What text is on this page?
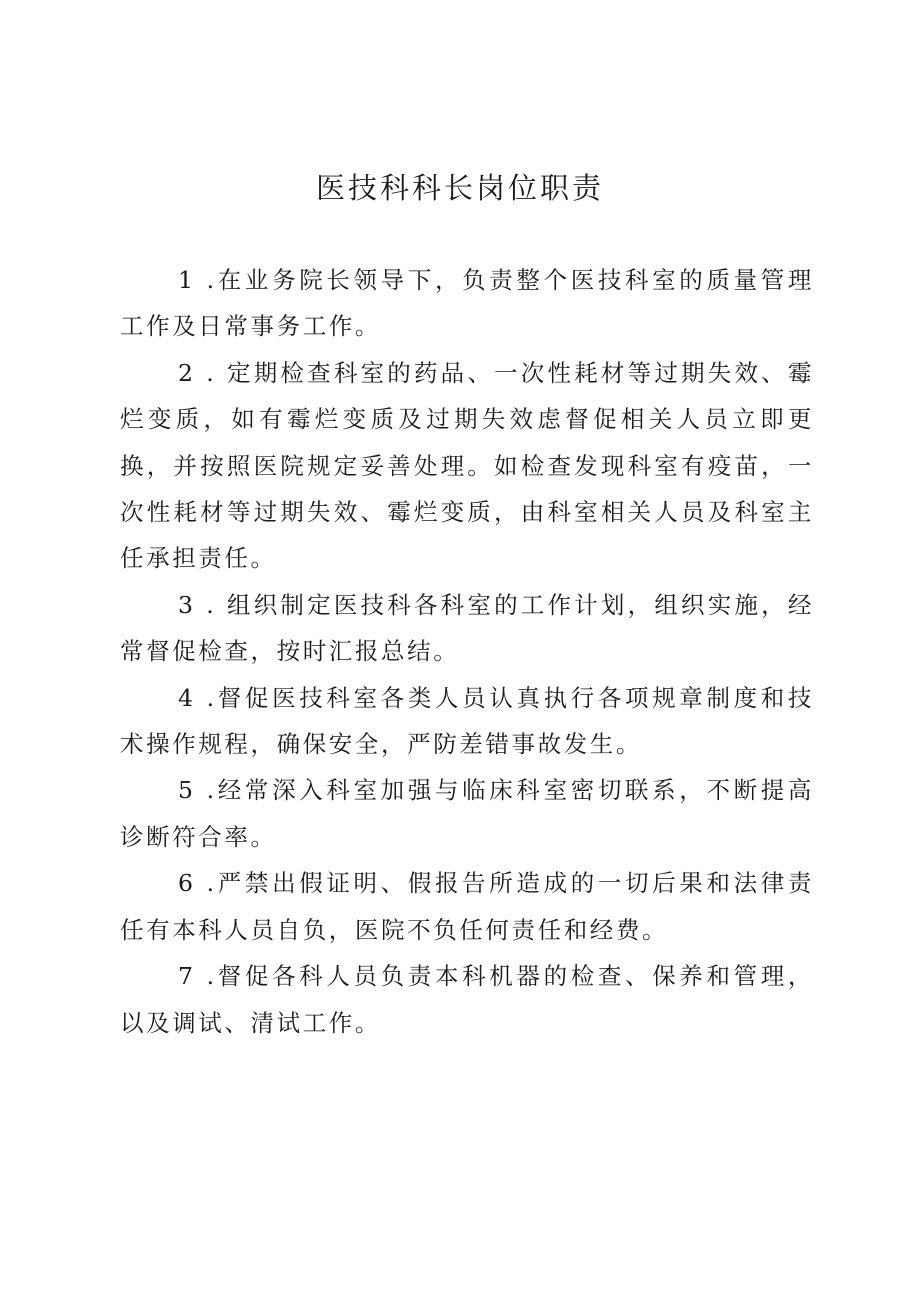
医技科科长岗位职责

1 .在业务院长领导下，负责整个医技科室的质量管理工作及日常事务工作。

2 . 定期检查科室的药品、一次性耗材等过期失效、霉烂变质，如有霉烂变质及过期失效虑督促相关人员立即更换，并按照医院规定妥善处理。如检查发现科室有疫苗，一次性耗材等过期失效、霉烂变质，由科室相关人员及科室主任承担责任。

3 . 组织制定医技科各科室的工作计划，组织实施，经常督促检查，按时汇报总结。

4 .督促医技科室各类人员认真执行各项规章制度和技术操作规程，确保安全，严防差错事故发生。

5 .经常深入科室加强与临床科室密切联系，不断提高诊断符合率。

6 .严禁出假证明、假报告所造成的一切后果和法律责任有本科人员自负，医院不负任何责任和经费。

7 .督促各科人员负责本科机器的检查、保养和管理，以及调试、清试工作。
